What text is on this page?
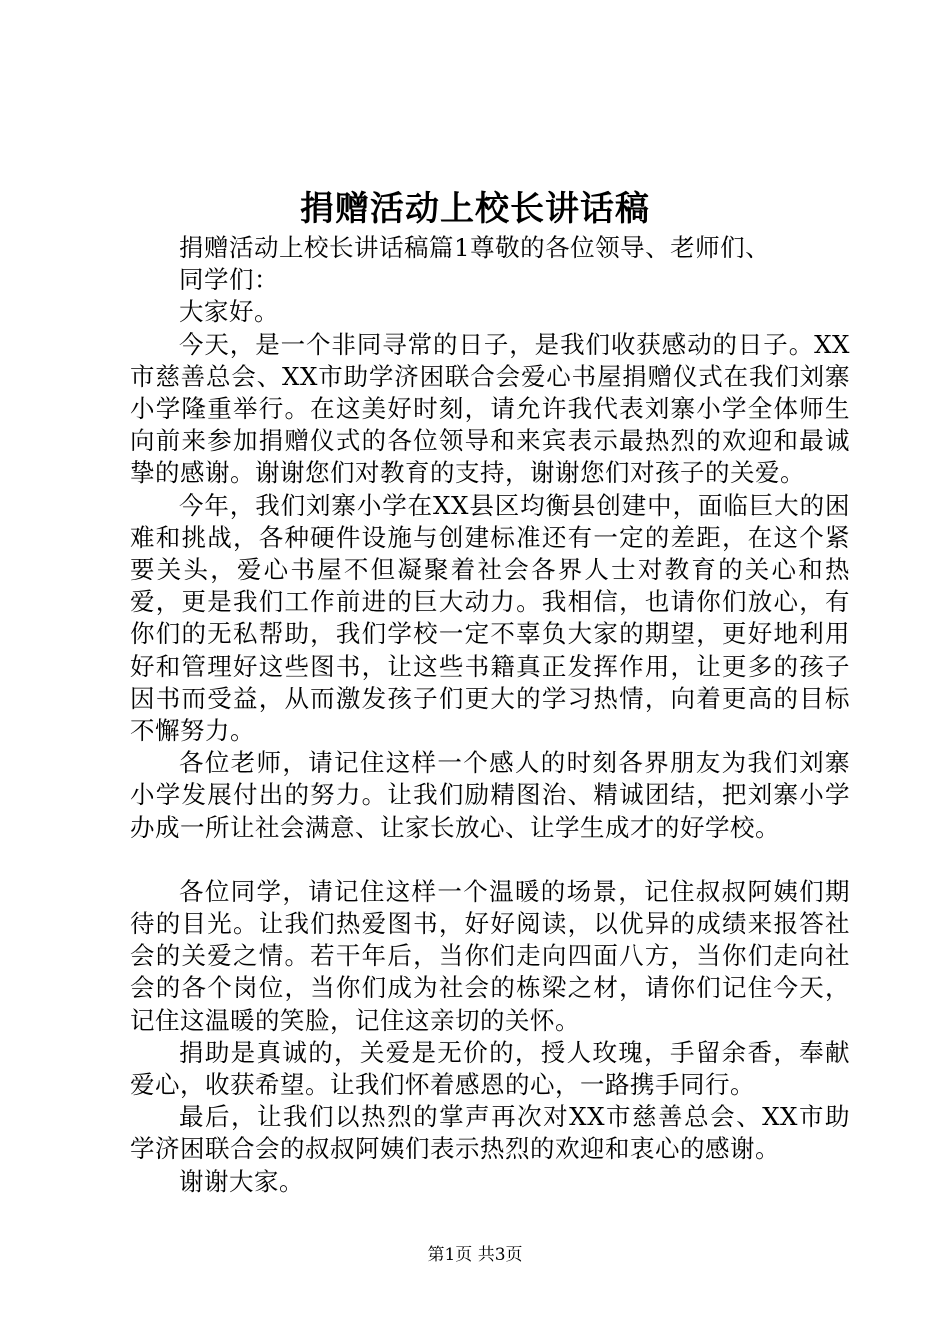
捐赠活动上校长讲话稿

捐赠活动上校长讲话稿篇1尊敬的各位领导、老师们、

同学们：

大家好。

今天，是一个非同寻常的日子，是我们收获感动的日子。XX市慈善总会、XX市助学济困联合会爱心书屋捐赠仪式在我们刘寨小学隆重举行。在这美好时刻，请允许我代表刘寨小学全体师生向前来参加捐赠仪式的各位领导和来宾表示最热烈的欢迎和最诚挚的感谢。谢谢您们对教育的支持，谢谢您们对孩子的关爱。

今年，我们刘寨小学在XX县区均衡县创建中，面临巨大的困难和挑战，各种硬件设施与创建标准还有一定的差距，在这个紧要关头，爱心书屋不但凝聚着社会各界人士对教育的关心和热爱，更是我们工作前进的巨大动力。我相信，也请你们放心，有你们的无私帮助，我们学校一定不辜负大家的期望，更好地利用好和管理好这些图书，让这些书籍真正发挥作用，让更多的孩子因书而受益，从而激发孩子们更大的学习热情，向着更高的目标不懈努力。

各位老师，请记住这样一个感人的时刻各界朋友为我们刘寨小学发展付出的努力。让我们励精图治、精诚团结，把刘寨小学办成一所让社会满意、让家长放心、让学生成才的好学校。

各位同学，请记住这样一个温暖的场景，记住叔叔阿姨们期待的目光。让我们热爱图书，好好阅读，以优异的成绩来报答社会的关爱之情。若干年后，当你们走向四面八方，当你们走向社会的各个岗位，当你们成为社会的栋梁之材，请你们记住今天，记住这温暖的笑脸，记住这亲切的关怀。

捐助是真诚的，关爱是无价的，授人玫瑰，手留余香，奉献爱心，收获希望。让我们怀着感恩的心，一路携手同行。

最后，让我们以热烈的掌声再次对XX市慈善总会、XX市助学济困联合会的叔叔阿姨们表示热烈的欢迎和衷心的感谢。

谢谢大家。

第1页 共3页
